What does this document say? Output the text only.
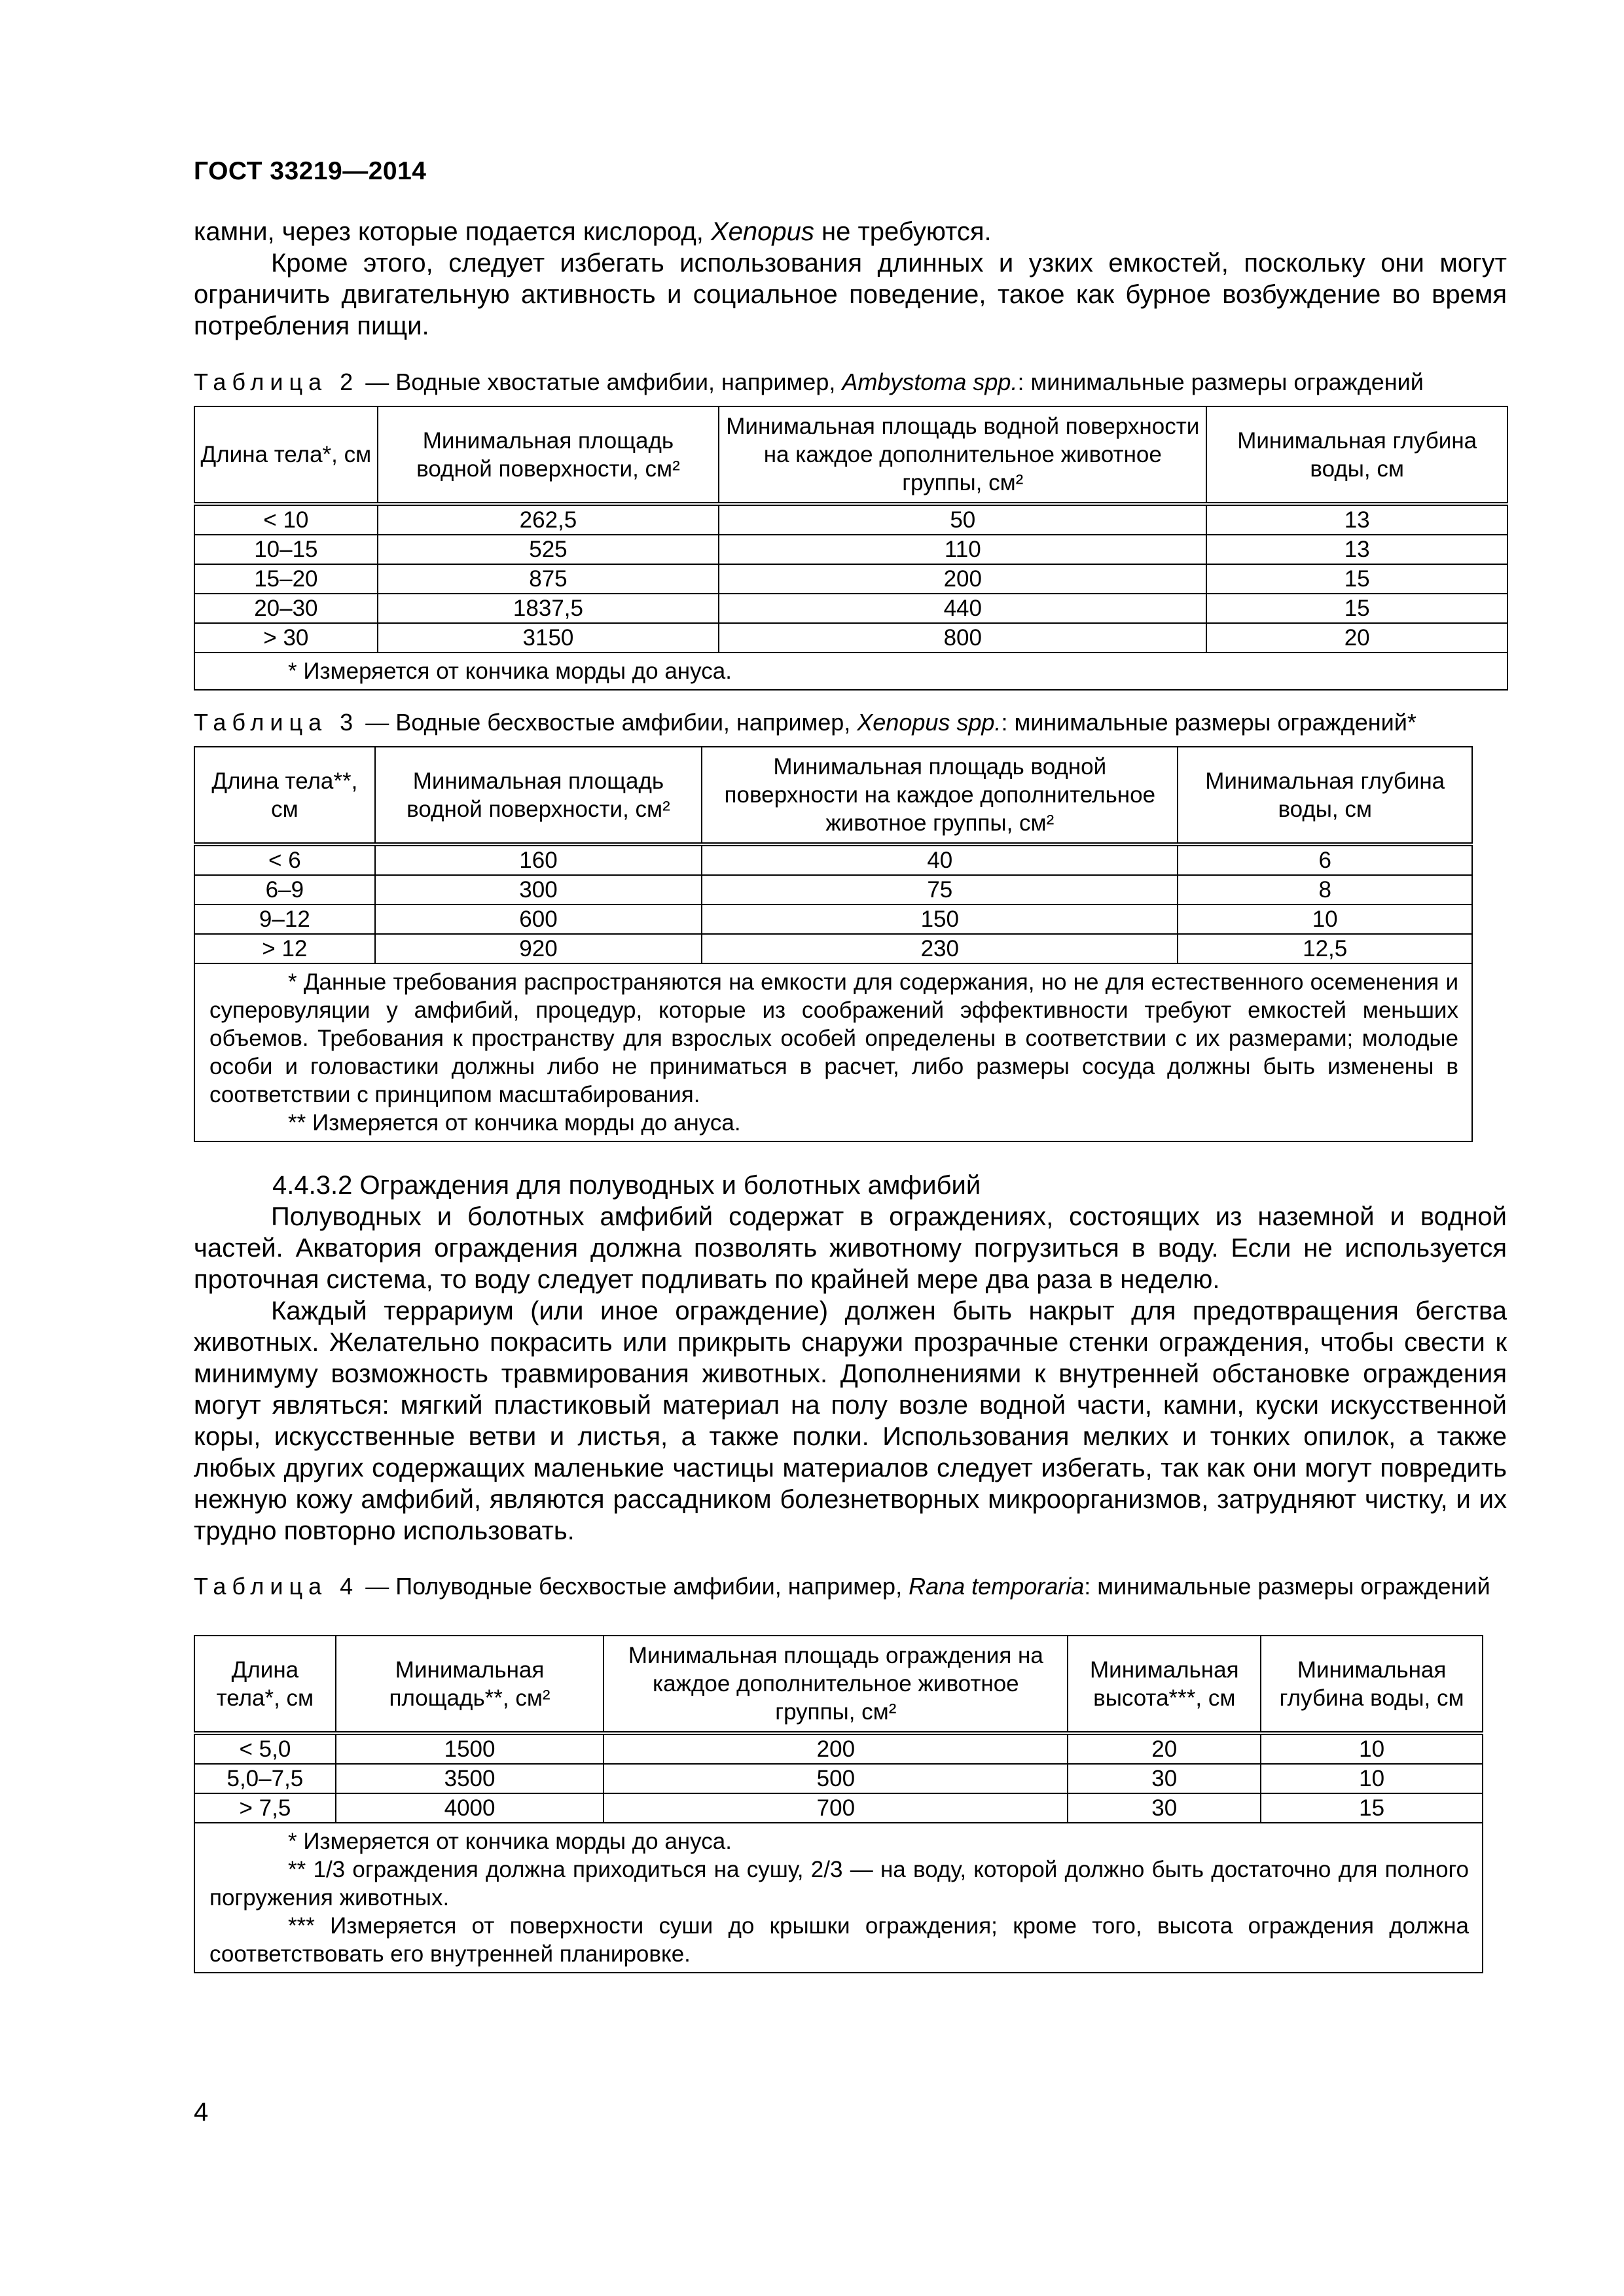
ГОСТ 33219—2014
камни, через которые подается кислород, Xenopus не требуются.
Кроме этого, следует избегать использования длинных и узких емкостей, поскольку они могут ограничить двигательную активность и социальное поведение, такое как бурное возбуждение во время потребления пищи.
Таблица 2 — Водные хвостатые амфибии, например, Ambystoma spp.: минимальные размеры ограждений
Длина тела*, см	Минимальная площадь водной поверхности, см²	Минимальная площадь водной поверхности на каждое дополнительное животное группы, см²	Минимальная глубина воды, см
< 10	262,5	50	13
10–15	525	110	13
15–20	875	200	15
20–30	1837,5	440	15
> 30	3150	800	20

* Измеряется от кончика морды до ануса.			
Таблица 3 — Водные бесхвостые амфибии, например, Xenopus spp.: минимальные размеры ограждений*
Длина тела**, см	Минимальная площадь водной поверхности, см²	Минимальная площадь водной поверхности на каждое дополнительное животное группы, см²	Минимальная глубина воды, см
< 6	160	40	6
6–9	300	75	8
9–12	600	150	10
> 12	920	230	12,5

* Данные требования распространяются на емкости для содержания, но не для естественного осеменения и суперовуляции у амфибий, процедур, которые из соображений эффективности требуют емкостей меньших объемов. Требования к пространству для взрослых особей определены в соответствии с их размерами; молодые особи и головастики должны либо не приниматься в расчет, либо размеры сосуда должны быть изменены в соответствии с принципом масштабирования.
** Измеряется от кончика морды до ануса.			
4.4.3.2 Ограждения для полуводных и болотных амфибий
Полуводных и болотных амфибий содержат в ограждениях, состоящих из наземной и водной частей. Акватория ограждения должна позволять животному погрузиться в воду. Если не используется проточная система, то воду следует подливать по крайней мере два раза в неделю.
Каждый террариум (или иное ограждение) должен быть накрыт для предотвращения бегства животных. Желательно покрасить или прикрыть снаружи прозрачные стенки ограждения, чтобы свести к минимуму возможность травмирования животных. Дополнениями к внутренней обстановке ограждения могут являться: мягкий пластиковый материал на полу возле водной части, камни, куски искусственной коры, искусственные ветви и листья, а также полки. Использования мелких и тонких опилок, а также любых других содержащих маленькие частицы материалов следует избегать, так как они могут повредить нежную кожу амфибий, являются рассадником болезнетворных микроорганизмов, затрудняют чистку, и их трудно повторно использовать.
Таблица 4 — Полуводные бесхвостые амфибии, например, Rana temporaria: минимальные размеры ограждений
Длина тела*, см	Минимальная площадь**, см²	Минимальная площадь ограждения на каждое дополнительное животное группы, см²	Минимальная высота***, см	Минимальная глубина воды, см
< 5,0	1500	200	20	10
5,0–7,5	3500	500	30	10
> 7,5	4000	700	30	15

* Измеряется от кончика морды до ануса.
** 1/3 ограждения должна приходиться на сушу, 2/3 — на воду, которой должно быть достаточно для полного погружения животных.
*** Измеряется от поверхности суши до крышки ограждения; кроме того, высота ограждения должна соответствовать его внутренней планировке.				
4
